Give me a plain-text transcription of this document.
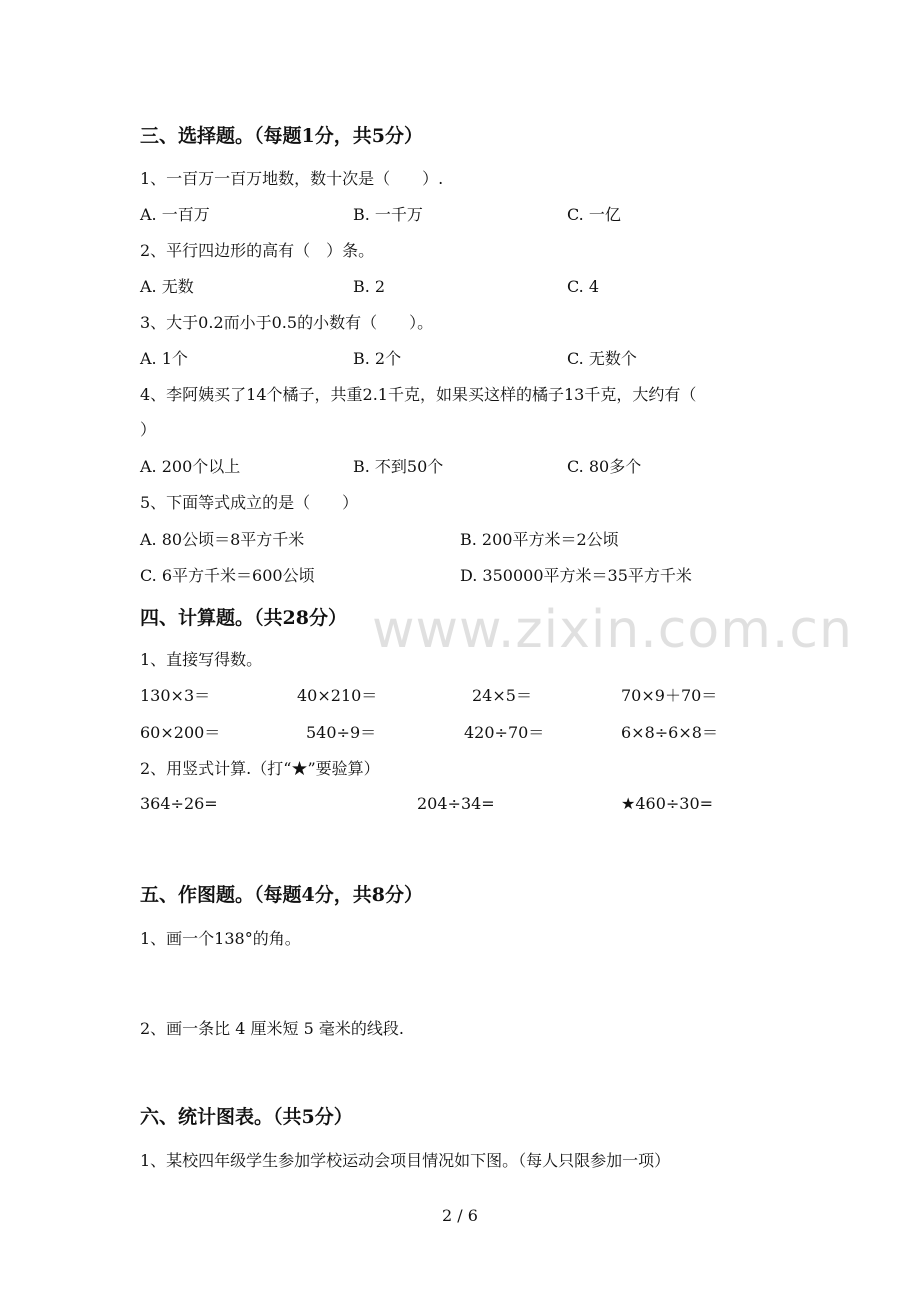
www.zixin.com.cn
三、选择题。（每题1分，共5分）
1、一百万一百万地数，数十次是（　　）.
A. 一百万	B. 一千万	C. 一亿
2、平行四边形的高有（　）条。
A. 无数	B. 2	C. 4
3、大于0.2而小于0.5的小数有（　　）。
A. 1个	B. 2个	C. 无数个
4、李阿姨买了14个橘子，共重2.1千克，如果买这样的橘子13千克，大约有（
）
A. 200个以上	B. 不到50个	C. 80多个
5、下面等式成立的是（　　）
A. 80公顷＝8平方千米	B. 200平方米＝2公顷
C. 6平方千米＝600公顷	D. 350000平方米＝35平方千米
四、计算题。（共28分）
1、直接写得数。
130×3＝	40×210＝	24×5＝	70×9＋70＝
60×200＝	540÷9＝	420÷70＝	6×8÷6×8＝
2、用竖式计算.（打“★”要验算）
364÷26=	204÷34=	★460÷30=
五、作图题。（每题4分，共8分）
1、画一个138°的角。
2、画一条比 4 厘米短 5 毫米的线段.
六、统计图表。（共5分）
1、某校四年级学生参加学校运动会项目情况如下图。（每人只限参加一项）
2 / 6
